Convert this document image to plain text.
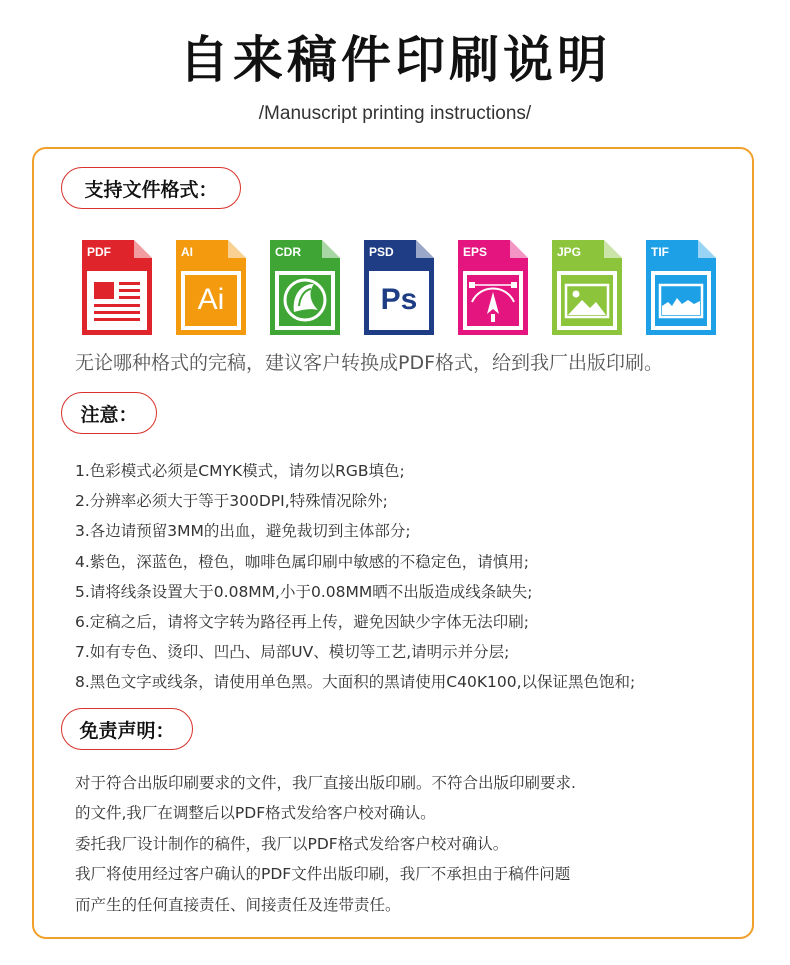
自来稿件印刷说明
/Manuscript printing instructions/
支持文件格式：
PDF	AI
Ai
CDR	PSD
Ps
EPS	JPG	TIF
无论哪种格式的完稿，建议客户转换成PDF格式，给到我厂出版印刷。
注意：
1.色彩模式必须是CMYK模式，请勿以RGB填色;
2.分辨率必须大于等于300DPI,特殊情况除外;
3.各边请预留3MM的出血，避免裁切到主体部分;
4.紫色，深蓝色，橙色，咖啡色属印刷中敏感的不稳定色，请慎用;
5.请将线条设置大于0.08MM,小于0.08MM晒不出版造成线条缺失;
6.定稿之后，请将文字转为路径再上传，避免因缺少字体无法印刷;
7.如有专色、烫印、凹凸、局部UV、模切等工艺,请明示并分层;
8.黑色文字或线条，请使用单色黑。大面积的黑请使用C40K100,以保证黑色饱和;
免责声明：
对于符合出版印刷要求的文件，我厂直接出版印刷。不符合出版印刷要求.
的文件,我厂在调整后以PDF格式发给客户校对确认。
委托我厂设计制作的稿件，我厂以PDF格式发给客户校对确认。
我厂将使用经过客户确认的PDF文件出版印刷，我厂不承担由于稿件问题
而产生的任何直接责任、间接责任及连带责任。
